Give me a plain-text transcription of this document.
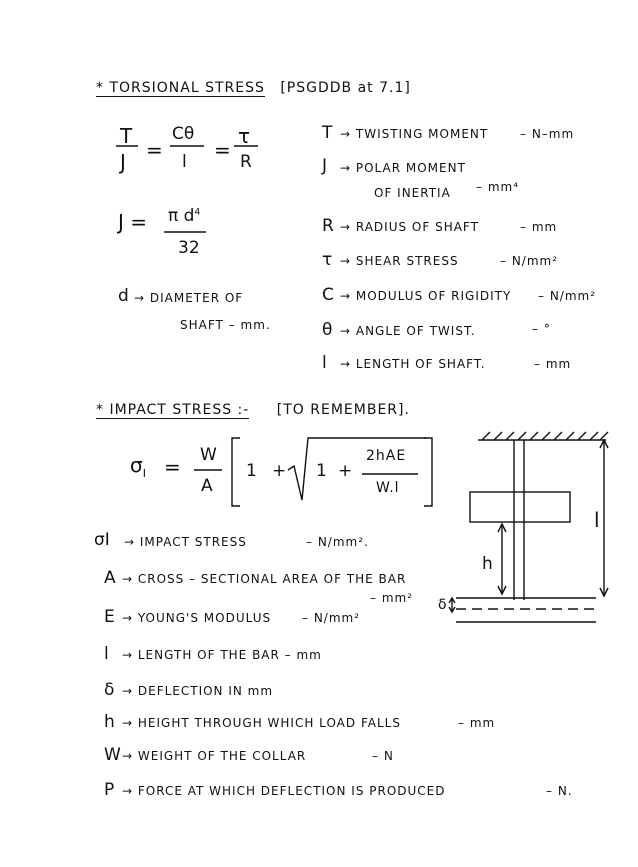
* TORSIONAL STRESS [PSGDDB at 7.1]
T
J =
Cθ
l =
τ
R
J = π $d^4$
32
d → DIAMETER OF
SHAFT – mm.
T → TWISTING MOMENT	– N–mm
J → POLAR MOMENT
OF INERTIA – mm⁴
R → RADIUS OF SHAFT	– mm
τ → SHEAR STRESS	– N/mm²
C → MODULUS OF RIGIDITY – N/mm²
θ → ANGLE OF TWIST.	– °
l → LENGTH OF SHAFT.	– mm
* IMPACT STRESS :- [TO REMEMBER].
$\sigma_I = W$
A
1 + 1 +
2hAE
W.l
σI → IMPACT STRESS	– N/mm².
A → CROSS – SECTIONAL AREA OF THE BAR
– mm²
E → YOUNG'S MODULUS	– N/mm²
l → LENGTH OF THE BAR – mm
δ → DEFLECTION IN mm
h → HEIGHT THROUGH WHICH LOAD FALLS	– mm
W → WEIGHT OF THE COLLAR	– N
P → FORCE AT WHICH DEFLECTION IS PRODUCED	– N.
l
h
δ
